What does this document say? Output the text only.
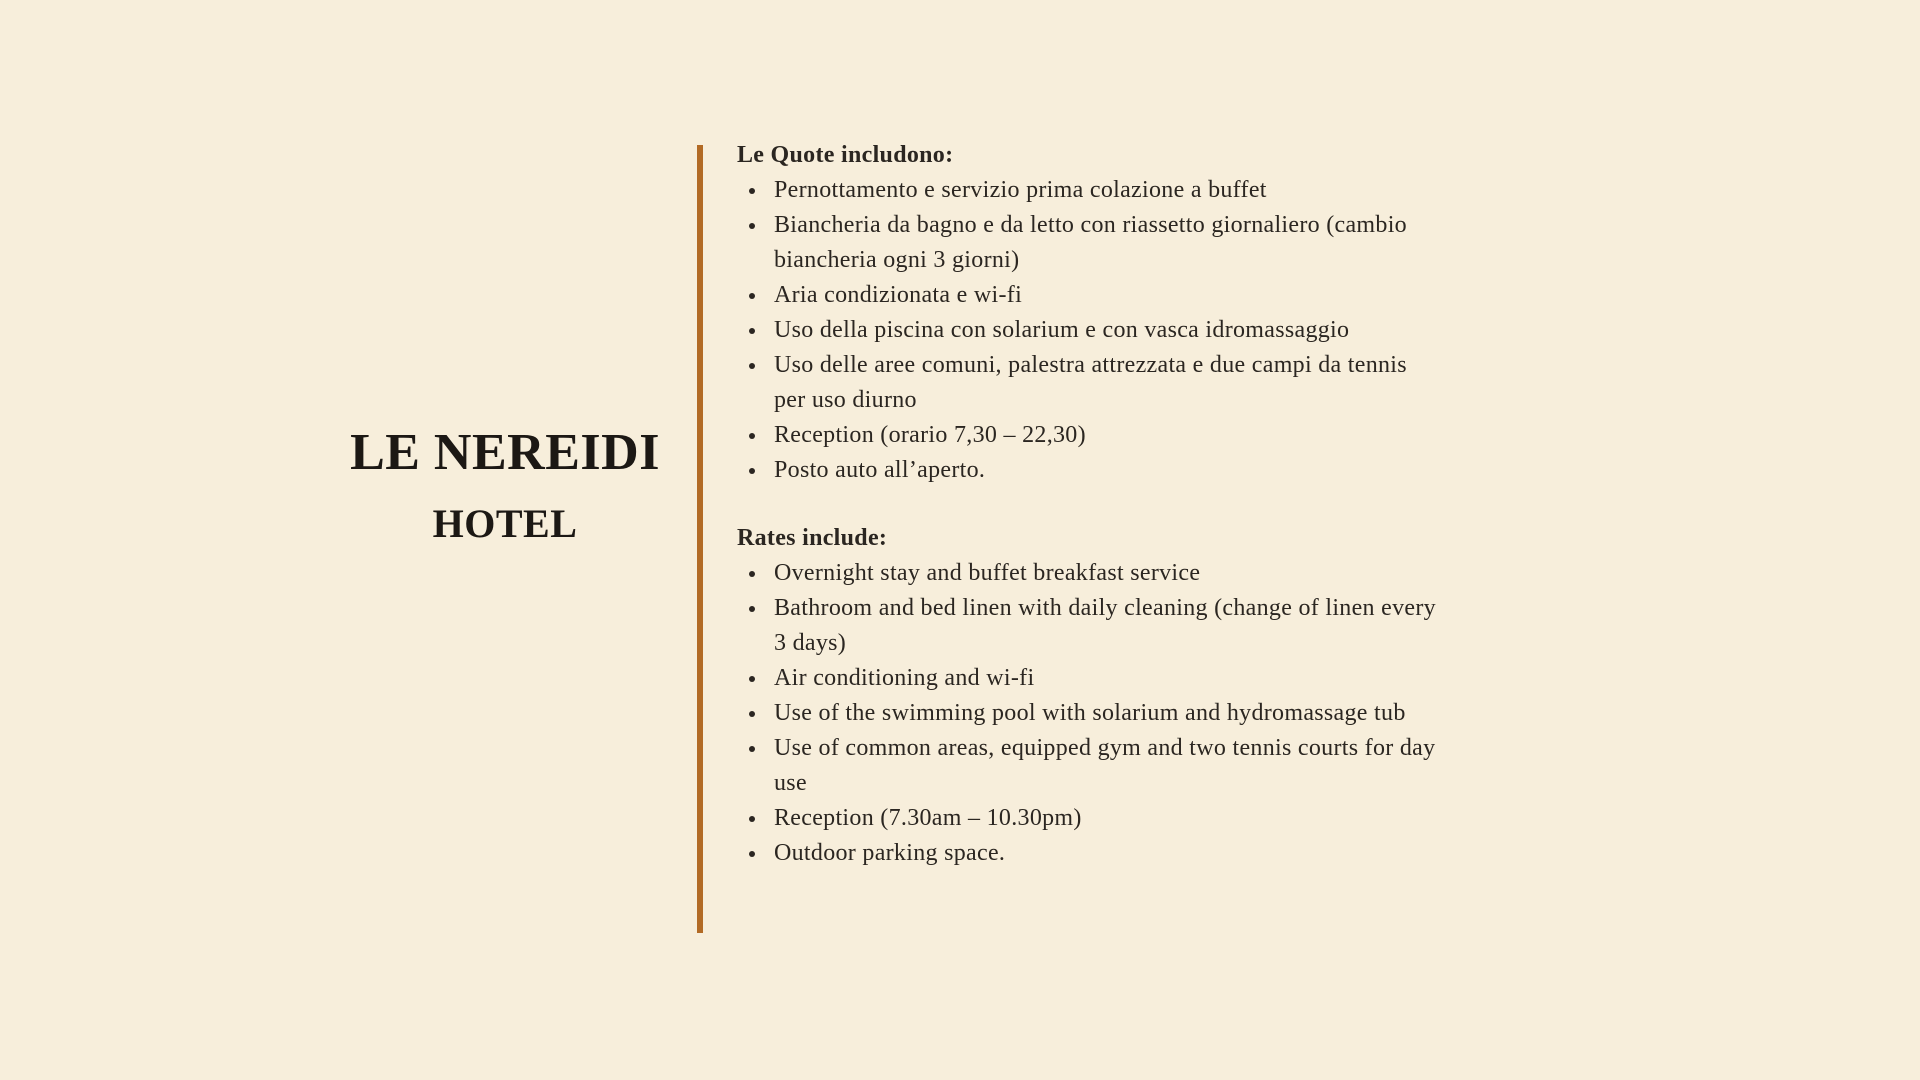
LE NEREIDI
HOTEL

Le Quote includono:

Pernottamento e servizio prima colazione a buffet
Biancheria da bagno e da letto con riassetto giornaliero (cambio biancheria ogni 3 giorni)
Aria condizionata e wi-fi
Uso della piscina con solarium e con vasca idromassaggio
Uso delle aree comuni, palestra attrezzata e due campi da tennis per uso diurno
Reception (orario 7,30 – 22,30)
Posto auto all’aperto.

Rates include:

Overnight stay and buffet breakfast service
Bathroom and bed linen with daily cleaning (change of linen every 3 days)
Air conditioning and wi-fi
Use of the swimming pool with solarium and hydromassage tub
Use of common areas, equipped gym and two tennis courts for day use
Reception (7.30am – 10.30pm)
Outdoor parking space.
